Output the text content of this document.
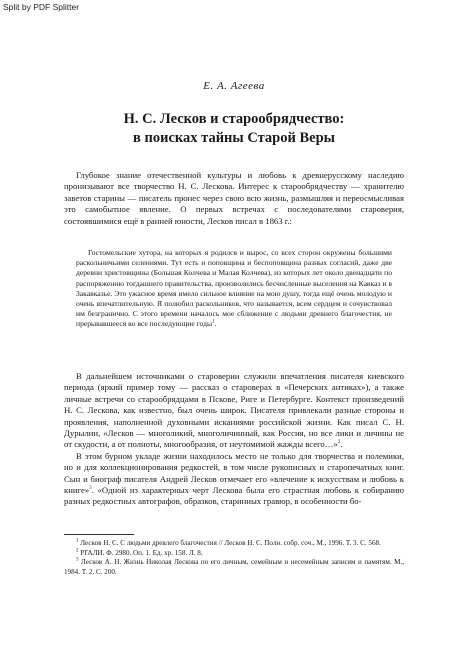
Split by PDF Splitter
Е. А. Агеева
Н. С. Лесков и старообрядчество:
в поисках тайны Старой Веры

Глубокое знание отечественной культуры и любовь к древнерусскому наследию пронизывают все творчество Н. С. Лескова. Интерес к старообрядчеству — хранителю заветов старины — писатель пронес через свою всю жизнь, размышляя и переосмысливая это самобытное явление. О первых встречах с последователями староверия, состоявшимися ещё в ранней юности, Лесков писал в 1863 г.:

Гостомельские хутора, на которых я родился и вырос, со всех сторон окружены большими раскольничьими селениями. Тут есть и поповщина и беспоповщина разных согласий, даже две деревни христовщины (Большая Колчева и Малая Колчева), из которых лет около двенадцати по распоряжению тогдашнего правительства, произволились бесчисленные выселения на Кавказ и в Закавказье. Это ужасное время имело сильное влияние на мою душу, тогда ещё очень молодую и очень впечатлительную. Я полюбил раскольников, что называется, всем сердцем и сочувствовал им безгранично. С этого времени началось мое сближение с людьми древнего благочестия, не прерывавшееся во все последующие годы$^1$.

В дальнейшем источниками о староверии служили впечатления писателя киевского периода (яркий пример тому — рассказ о староверах в «Печерских антиках»), а также личные встречи со старообрядцами в Пскове, Риге и Петербурге. Контекст произведений Н. С. Лескова, как известно, был очень широк. Писателя привлекали разные стороны и проявления, наполненной духовными исканиями российской жизни. Как писал С. Н. Дурылин, «Лесков — многоликий, многоличинный, как Россия, но все лики и личины не от скудости, а от полноты, многообразия, от неутомимой жажды всего…»$^2$.

В этом бурном укладе жизни находилось место не только для творчества и полемики, но и для коллекционирования редкостей, в том числе рукописных и старопечатных книг. Сын и биограф писателя Андрей Лесков отмечает его «влечение к искусствам и любовь к книге»$^3$. «Одной из характерных черт Лескова была его страстная любовь к собиранию разных редкостных автографов, образков, старинных гравюр, в особенности бо-

$^1$ Лесков Н. С. С людьми древлего благочестия // Лесков Н. С. Полн. собр. соч., М., 1996. Т. 3. С. 568.

$^2$ РГАЛИ. Ф. 2980. Оп. 1. Ед. хр. 158. Л. 8.

$^3$ Лесков А. Н. Жизнь Николая Лескова по его личным, семейным и несемейным записям и памятям. М., 1984. Т. 2. С. 200.
